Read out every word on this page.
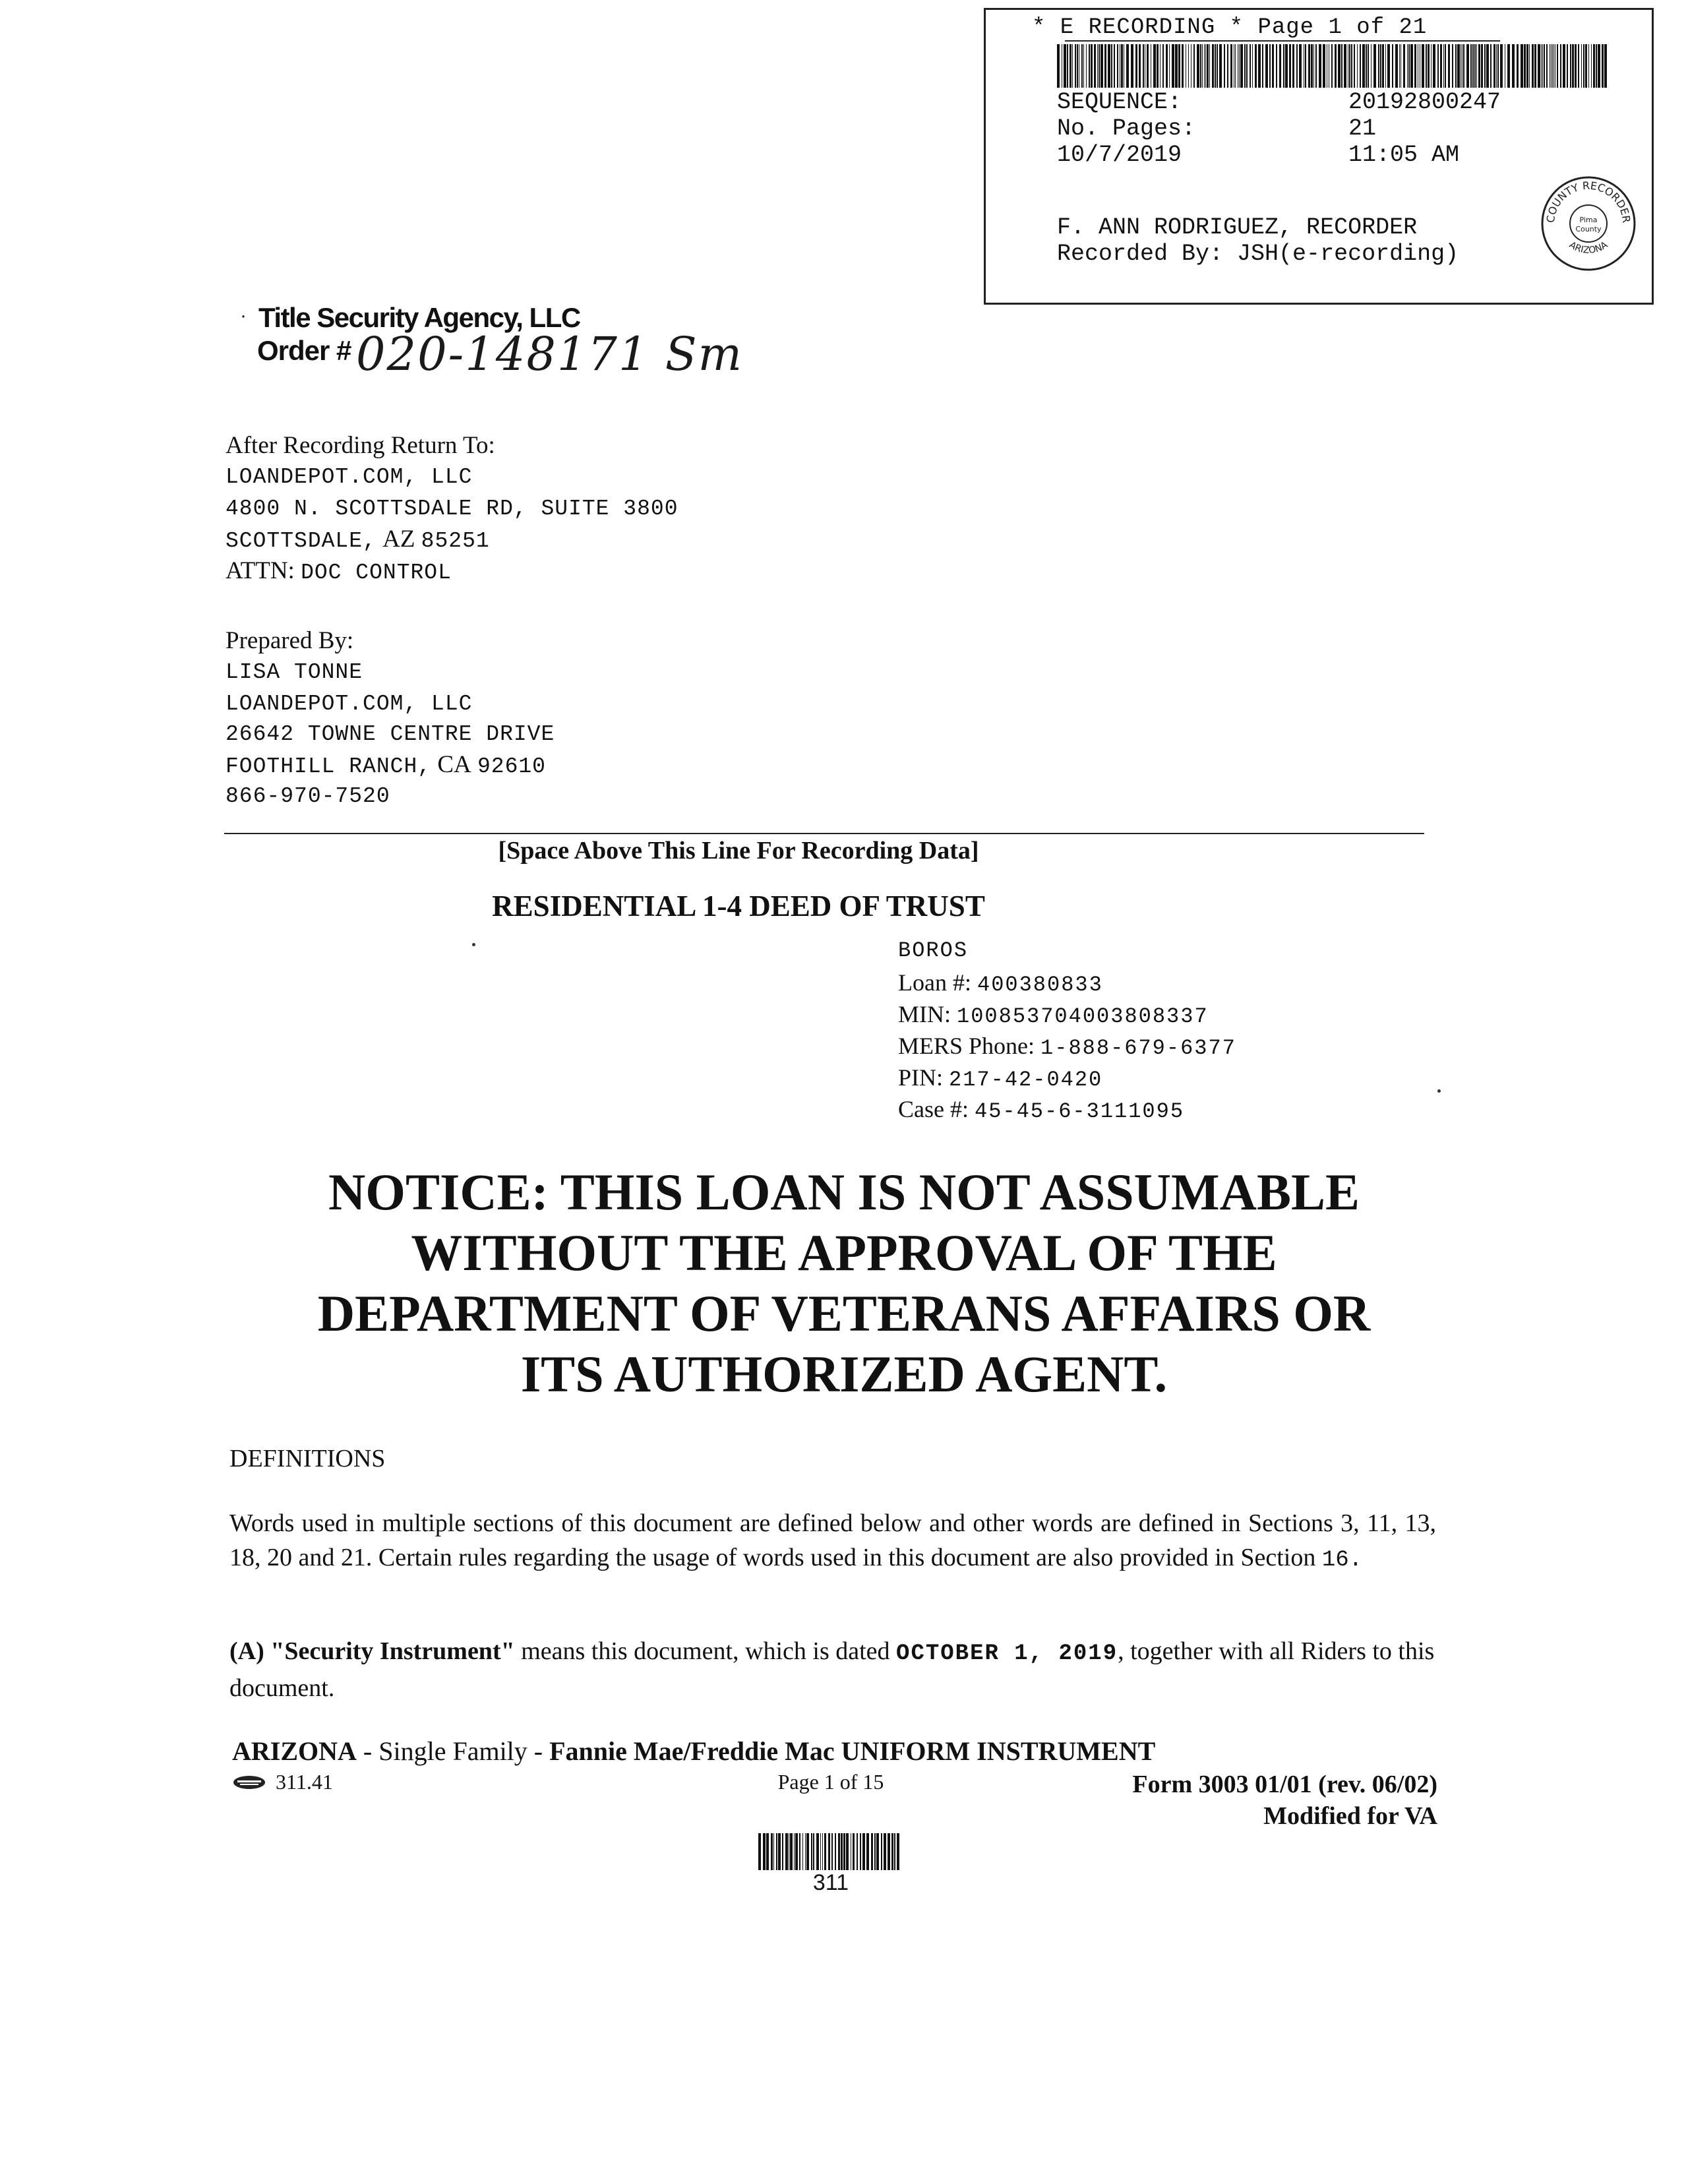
* E RECORDING * Page 1 of 21
SEQUENCE:	20192800247
No. Pages:	21
10/7/2019	11:05 AM
F. ANN RODRIGUEZ, RECORDER
Recorded By: JSH(e-recording)
COUNTY RECORDER
ARIZONA
Pima
County
· Title Security Agency, LLC
Order # 020-148171 Sm
After Recording Return To:
LOANDEPOT.COM, LLC
4800 N. SCOTTSDALE RD, SUITE 3800
SCOTTSDALE, AZ 85251
ATTN: DOC CONTROL
Prepared By:
LISA TONNE
LOANDEPOT.COM, LLC
26642 TOWNE CENTRE DRIVE
FOOTHILL RANCH, CA 92610
866-970-7520
[Space Above This Line For Recording Data]
RESIDENTIAL 1-4 DEED OF TRUST
BOROS
Loan #: 400380833
MIN: 100853704003808337
MERS Phone: 1-888-679-6377
PIN: 217-42-0420
Case #: 45-45-6-3111095
NOTICE: THIS LOAN IS NOT ASSUMABLE
WITHOUT THE APPROVAL OF THE
DEPARTMENT OF VETERANS AFFAIRS OR
ITS AUTHORIZED AGENT.
DEFINITIONS
Words used in multiple sections of this document are defined below and other words are defined in Sections 3, 11, 13, 18, 20 and 21. Certain rules regarding the usage of words used in this document are also provided in Section 16.
(A) "Security Instrument" means this document, which is dated OCTOBER 1, 2019, together with all Riders to this document.
ARIZONA - Single Family - Fannie Mae/Freddie Mac UNIFORM INSTRUMENT
311.41	Page 1 of 15	Form 3003 01/01 (rev. 06/02)
Modified for VA
311
